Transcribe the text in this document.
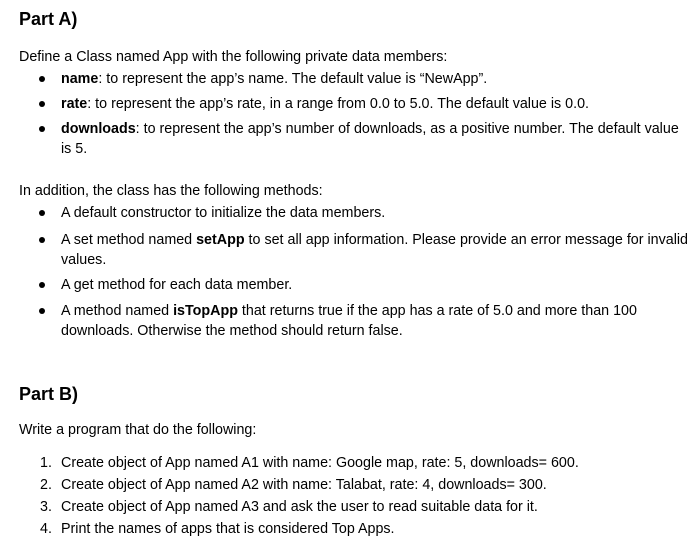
Part A)

Define a Class named App with the following private data members:

name: to represent the app’s name. The default value is “NewApp”.
rate: to represent the app’s rate, in a range from 0.0 to 5.0. The default value is 0.0.
downloads: to represent the app’s number of downloads, as a positive number. The default value is 5.

In addition, the class has the following methods:

A default constructor to initialize the data members.
A set method named setApp to set all app information. Please provide an error message for invalid values.
A get method for each data member.
A method named isTopApp that returns true if the app has a rate of 5.0 and more than 100 downloads. Otherwise the method should return false.
Part B)

Write a program that do the following:

1. Create object of App named A1 with name: Google map, rate: 5, downloads= 600.
2. Create object of App named A2 with name: Talabat, rate: 4, downloads= 300.
3. Create object of App named A3 and ask the user to read suitable data for it.
4. Print the names of apps that is considered Top Apps.
